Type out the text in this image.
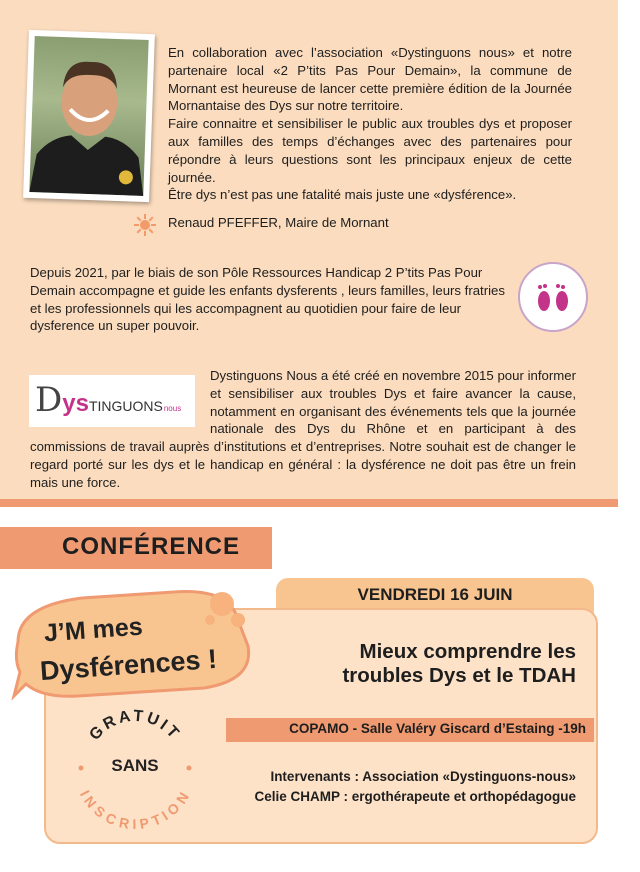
En collaboration avec l’association «Dystinguons nous» et notre partenaire local «2 P’tits Pas Pour Demain», la commune de Mornant est heureuse de lancer cette première édition de la Journée Mornantaise des Dys sur notre territoire.

Faire connaitre et sensibiliser le public aux troubles dys et proposer aux familles des temps d’échanges avec des partenaires pour répondre à leurs questions sont les principaux enjeux de cette journée.

Être dys n’est pas une fatalité mais juste une «dysférence».

Renaud PFEFFER, Maire de Mornant

Depuis 2021, par le biais de son Pôle Ressources Handicap 2 P’tits Pas Pour Demain accompagne et guide les enfants dysferents , leurs familles, leurs fratries et les professionnels qui les accompagnent au quotidien pour faire de leur dysference un super pouvoir.

Dystinguons Nous a été créé en novembre 2015 pour informer et sensibiliser aux troubles Dys et faire avancer la cause, notamment en organisant des événements tels que la journée nationale des Dys du Rhône et en participant à des commissions de travail auprès d’institutions et d’entreprises. Notre souhait est de changer le regard porté sur les dys et le handicap en général : la dysférence ne doit pas être un frein mais une force.

DysTINGUONSnous
CONFÉRENCE
VENDREDI 16 JUIN
J’M mes
Dysférences !	Mieux comprendre les
troubles Dys et le TDAH
COPAMO - Salle Valéry Giscard d’Estaing -19h
GRATUIT
INSCRIPTION
SANS
Intervenants : Association «Dystinguons-nous»
Celie CHAMP : ergothérapeute et orthopédagogue
